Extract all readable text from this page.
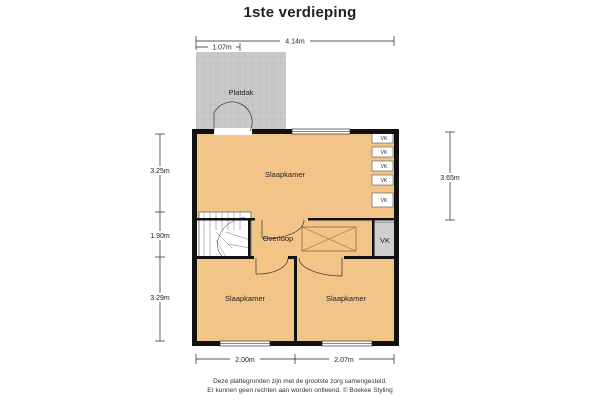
1ste verdieping
Platdak
VK
VK
VK
VK
VK
VK
Slaapkamer
Overloop
Slaapkamer	Slaapkamer
1.07m
4.14m
3.25m
1.90m
3.29m
3.65m
2.00m	2.07m
Deze plattegronden zijn met de grootste zorg samengesteld.
Er kunnen geen rechten aan worden ontleend. © Boekee Styling
